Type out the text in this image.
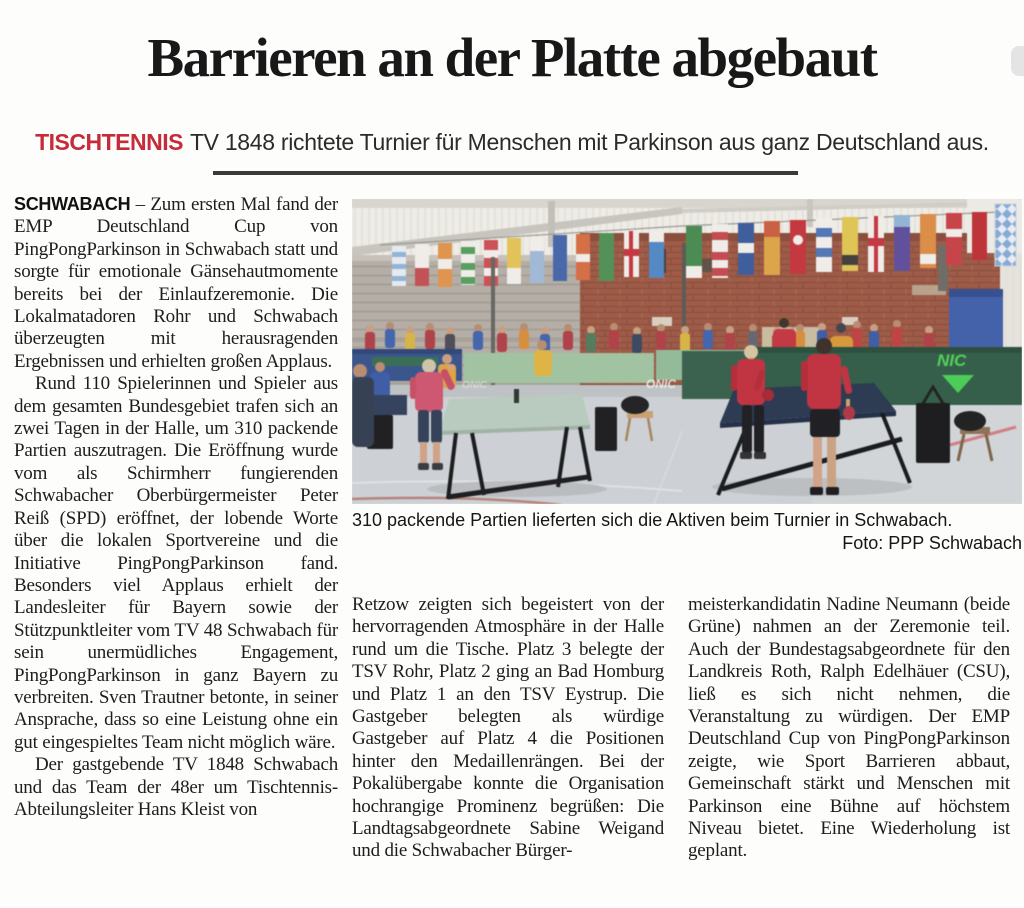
Barrieren an der Platte abgebaut
TISCHTENNIS TV 1848 richtete Turnier für Menschen mit Parkinson aus ganz Deutschland aus.
ONIC	ONIC
NIC
310 packende Partien lieferten sich die Aktiven beim Turnier in Schwabach.
Foto: PPP Schwabach

SCHWABACH – Zum ersten Mal fand der EMP Deutschland Cup von PingPongParkinson in Schwabach statt und sorgte für emotionale Gänsehautmomente bereits bei der Einlaufzeremonie. Die Lokalmatadoren Rohr und Schwabach überzeugten mit herausragenden Ergebnissen und erhielten großen Applaus.

Rund 110 Spielerinnen und Spieler aus dem gesamten Bundesgebiet trafen sich an zwei Tagen in der Halle, um 310 packende Partien auszutragen. Die Eröffnung wurde vom als Schirmherr fungierenden Schwabacher Oberbürgermeister Peter Reiß (SPD) eröffnet, der lobende Worte über die lokalen Sportvereine und die Initiative PingPongParkinson fand. Besonders viel Applaus erhielt der Landesleiter für Bayern sowie der Stützpunktleiter vom TV 48 Schwabach für sein unermüdliches Engagement, PingPongParkinson in ganz Bayern zu verbreiten. Sven Trautner betonte, in seiner Ansprache, dass so eine Leistung ohne ein gut eingespieltes Team nicht möglich wäre.

Der gastgebende TV 1848 Schwabach und das Team der 48er um Tischtennis-Abteilungsleiter Hans Kleist von

Retzow zeigten sich begeistert von der hervorragenden Atmosphäre in der Halle rund um die Tische. Platz 3 belegte der TSV Rohr, Platz 2 ging an Bad Homburg und Platz 1 an den TSV Eystrup. Die Gastgeber belegten als würdige Gastgeber auf Platz 4 die Positionen hinter den Medaillenrängen. Bei der Pokalübergabe konnte die Organisation hochrangige Prominenz begrüßen: Die Landtagsabgeordnete Sabine Weigand und die Schwabacher Bürger-

meisterkandidatin Nadine Neumann (beide Grüne) nahmen an der Zeremonie teil. Auch der Bundestagsabgeordnete für den Landkreis Roth, Ralph Edelhäuer (CSU), ließ es sich nicht nehmen, die Veranstaltung zu würdigen. Der EMP Deutschland Cup von PingPongParkinson zeigte, wie Sport Barrieren abbaut, Gemeinschaft stärkt und Menschen mit Parkinson eine Bühne auf höchstem Niveau bietet. Eine Wiederholung ist geplant.
